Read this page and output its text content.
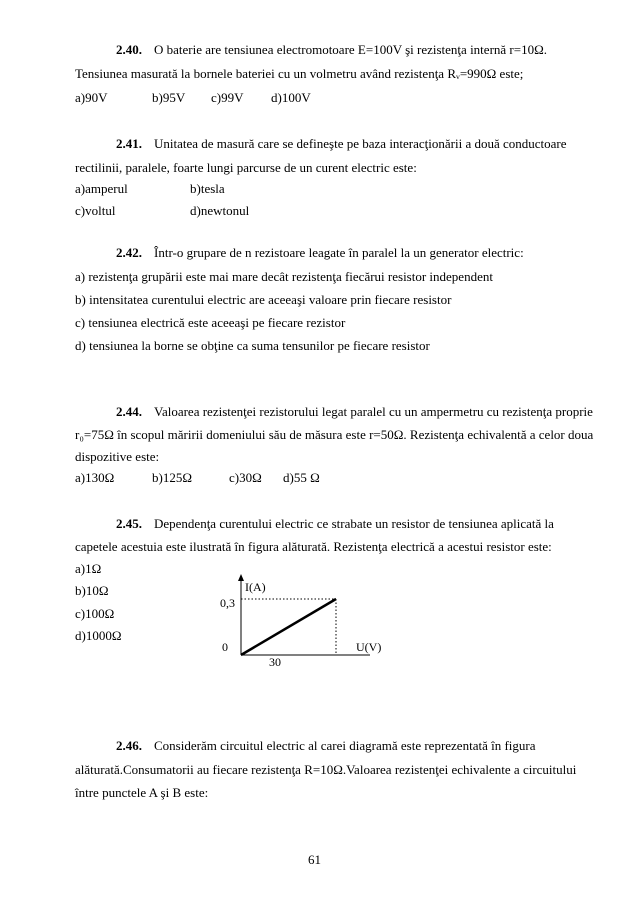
2.40. O baterie are tensiunea electromotoare E=100V şi rezistenţa internă r=10Ω.
Tensiunea masurată la bornele bateriei cu un volmetru având rezistenţa Rᵥ=990Ω este;
a)90V	b)95V c)99V d)100V
2.41. Unitatea de masură care se defineşte pe baza interacţionării a două conductoare
rectilinii, paralele, foarte lungi parcurse de un curent electric este:
a)amperul	b)tesla
c)voltul	d)newtonul
2.42. Într-o grupare de n rezistoare leagate în paralel la un generator electric:
a) rezistenţa grupării este mai mare decât rezistenţa fiecărui resistor independent
b) intensitatea curentului electric are aceeaşi valoare prin fiecare resistor
c) tensiunea electrică este aceeaşi pe fiecare rezistor
d) tensiunea la borne se obţine ca suma tensunilor pe fiecare resistor
2.44. Valoarea rezistenţei rezistorului legat paralel cu un ampermetru cu rezistenţa proprie
r₀=75Ω în scopul măririi domeniului său de măsura este r=50Ω. Rezistenţa echivalentă a celor doua
dispozitive este:
a)130Ω	b)125Ω	c)30Ω d)55 Ω
2.45. Dependenţa curentului electric ce strabate un resistor de tensiunea aplicată la
capetele acestuia este ilustrată în figura alăturată. Rezistenţa electrică a acestui resistor este:
a)1Ω
b)10Ω
c)100Ω
d)1000Ω
I(A)
0,3
0	U(V)
30
2.46. Considerăm circuitul electric al carei diagramă este reprezentată în figura
alăturată.Consumatorii au fiecare rezistenţa R=10Ω.Valoarea rezistenţei echivalente a circuitului
între punctele A şi B este:
61
